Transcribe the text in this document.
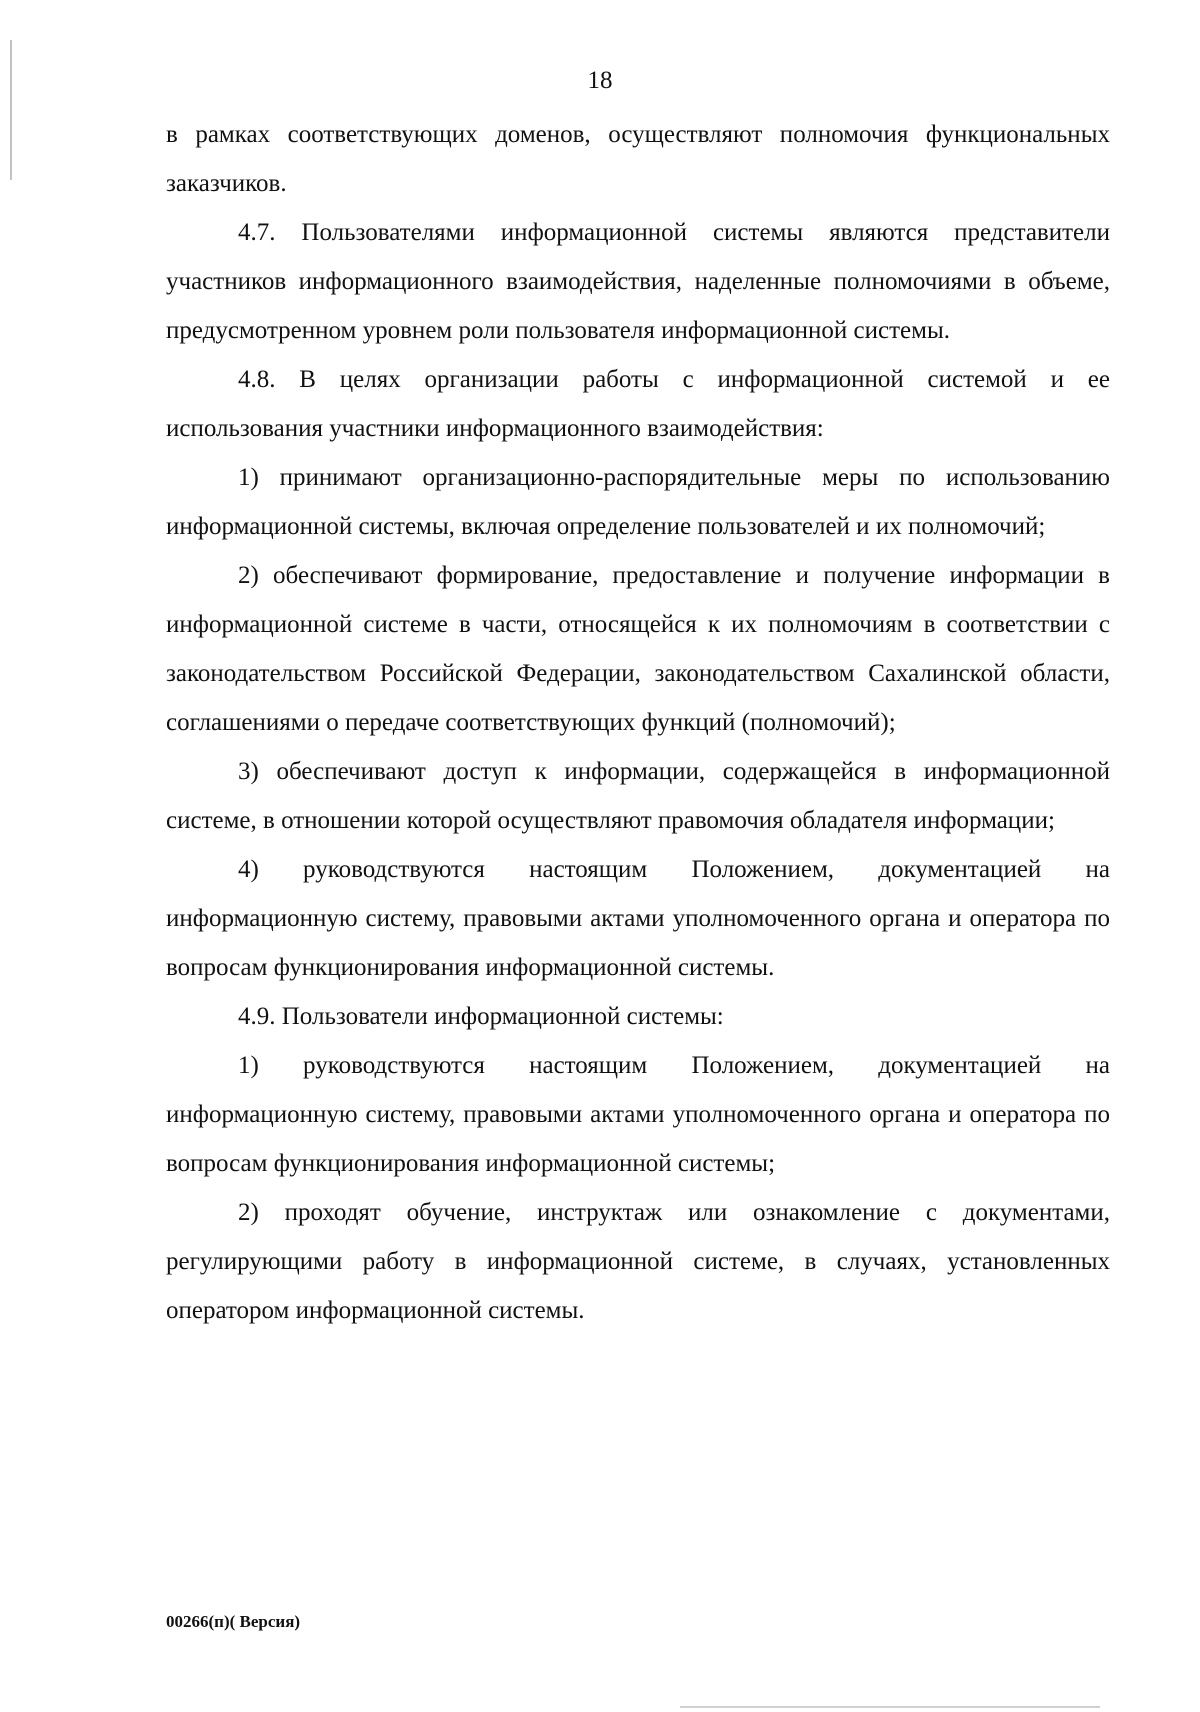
18

в рамках соответствующих доменов, осуществляют полномочия функциональных заказчиков.

4.7. Пользователями информационной системы являются представители участников информационного взаимодействия, наделенные полномочиями в объеме, предусмотренном уровнем роли пользователя информационной системы.

4.8. В целях организации работы с информационной системой и ее использования участники информационного взаимодействия:

1) принимают организационно-распорядительные меры по использованию информационной системы, включая определение пользователей и их полномочий;

2) обеспечивают формирование, предоставление и получение информации в информационной системе в части, относящейся к их полномочиям в соответствии с законодательством Российской Федерации, законодательством Сахалинской области, соглашениями о передаче соответствующих функций (полномочий);

3) обеспечивают доступ к информации, содержащейся в информационной системе, в отношении которой осуществляют правомочия обладателя информации;

4) руководствуются настоящим Положением, документацией на информационную систему, правовыми актами уполномоченного органа и оператора по вопросам функционирования информационной системы.

4.9. Пользователи информационной системы:

1) руководствуются настоящим Положением, документацией на информационную систему, правовыми актами уполномоченного органа и оператора по вопросам функционирования информационной системы;

2) проходят обучение, инструктаж или ознакомление с документами, регулирующими работу в информационной системе, в случаях, установленных оператором информационной системы.

00266(п)( Версия)
